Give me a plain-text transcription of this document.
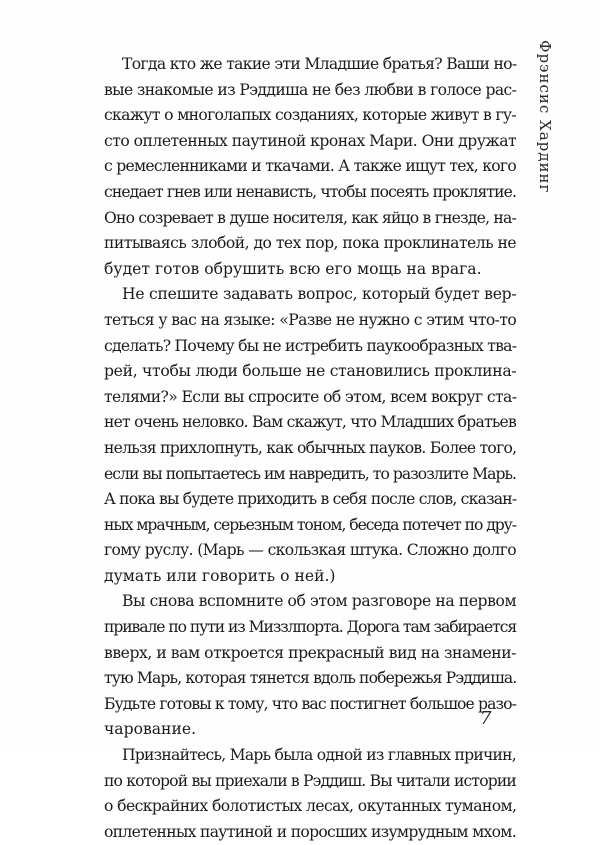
Фрэнсис Хардинг

Тогда кто же такие эти Младшие братья? Ваши но-
вые знакомые из Рэддиша не без любви в голосе рас-
скажут о многолапых созданиях, которые живут в гу-
сто оплетенных паутиной кронах Мари. Они дружат
с ремесленниками и ткачами. А также ищут тех, кого
снедает гнев или ненависть, чтобы посеять проклятие.
Оно созревает в душе носителя, как яйцо в гнезде, на-
питываясь злобой, до тех пор, пока проклинатель не
будет готов обрушить всю его мощь на врага.

Не спешите задавать вопрос, который будет вер-
теться у вас на языке: «Разве не нужно с этим что-то
сделать? Почему бы не истребить паукообразных тва-
рей, чтобы люди больше не становились проклина-
телями?» Если вы спросите об этом, всем вокруг ста-
нет очень неловко. Вам скажут, что Младших братьев
нельзя прихлопнуть, как обычных пауков. Более того,
если вы попытаетесь им навредить, то разозлите Марь.
А пока вы будете приходить в себя после слов, сказан-
ных мрачным, серьезным тоном, беседа потечет по дру-
гому руслу. (Марь — скользкая штука. Сложно долго
думать или говорить о ней.)

Вы снова вспомните об этом разговоре на первом
привале по пути из Миззлпорта. Дорога там забирается
вверх, и вам откроется прекрасный вид на знамени-
тую Марь, которая тянется вдоль побережья Рэддиша.
Будьте готовы к тому, что вас постигнет большое разо-
чарование.

Признайтесь, Марь была одной из главных причин,
по которой вы приехали в Рэддиш. Вы читали истории
о бескрайних болотистых лесах, окутанных туманом,
оплетенных паутиной и поросших изумрудным мхом.

7
